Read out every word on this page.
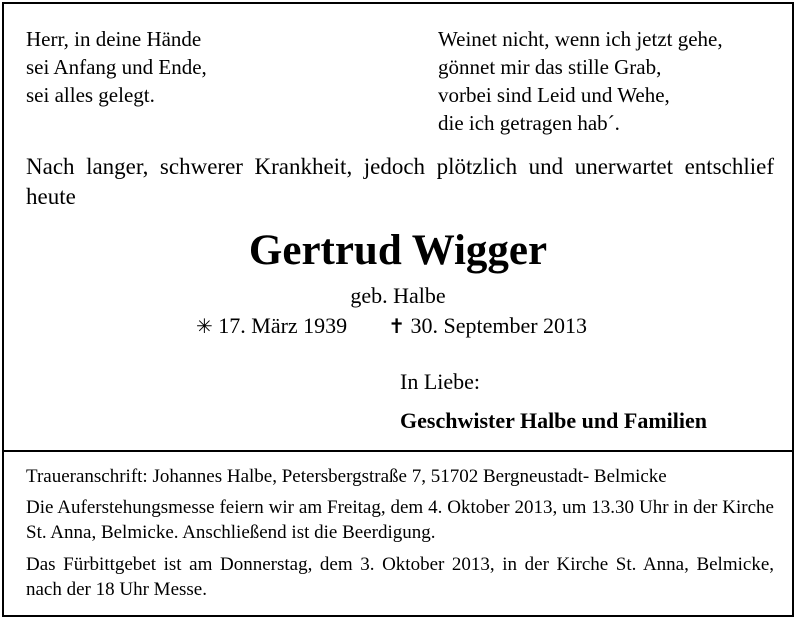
Herr, in deine Hände
sei Anfang und Ende,
sei alles gelegt.
Weinet nicht, wenn ich jetzt gehe,
gönnet mir das stille Grab,
vorbei sind Leid und Wehe,
die ich getragen hab´.

Nach langer, schwerer Krankheit, jedoch plötzlich und unerwartet entschlief heute

Gertrud Wigger
geb. Halbe
✳ 17. März 1939 ✝ 30. September 2013
In Liebe:
Geschwister Halbe und Familien
Traueranschrift: Johannes Halbe, Petersbergstraße 7, 51702 Bergneustadt- Belmicke

Die Auferstehungsmesse feiern wir am Freitag, dem 4. Oktober 2013, um 13.30 Uhr in der Kirche St. Anna, Belmicke. Anschließend ist die Beerdigung.

Das Fürbittgebet ist am Donnerstag, dem 3. Oktober 2013, in der Kirche St. Anna, Belmicke, nach der 18 Uhr Messe.
